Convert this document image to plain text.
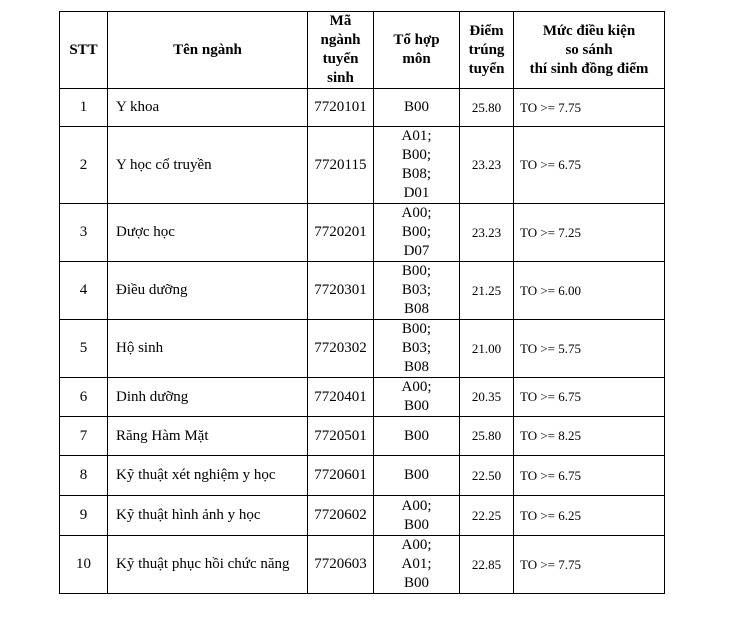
STT	Tên ngành	Mã
ngành
tuyển
sinh	Tổ hợp
môn	Điểm
trúng
tuyển	Mức điều kiện
so sánh
thí sinh đồng điểm

1	Y khoa	7720101	B00	25.80	TO >= 7.75
2	Y học cổ truyền	7720115	A01;
B00;
B08;
D01	23.23	TO >= 6.75
3	Dược học	7720201	A00;
B00;
D07	23.23	TO >= 7.25
4	Điều dưỡng	7720301	B00;
B03;
B08	21.25	TO >= 6.00
5	Hộ sinh	7720302	B00;
B03;
B08	21.00	TO >= 5.75
6	Dinh dưỡng	7720401	A00;
B00	20.35	TO >= 6.75
7	Răng Hàm Mặt	7720501	B00	25.80	TO >= 8.25
8	Kỹ thuật xét nghiệm y học	7720601	B00	22.50	TO >= 6.75
9	Kỹ thuật hình ảnh y học	7720602	A00;
B00	22.25	TO >= 6.25
10	Kỹ thuật phục hồi chức năng	7720603	A00;
A01;
B00	22.85	TO >= 7.75
